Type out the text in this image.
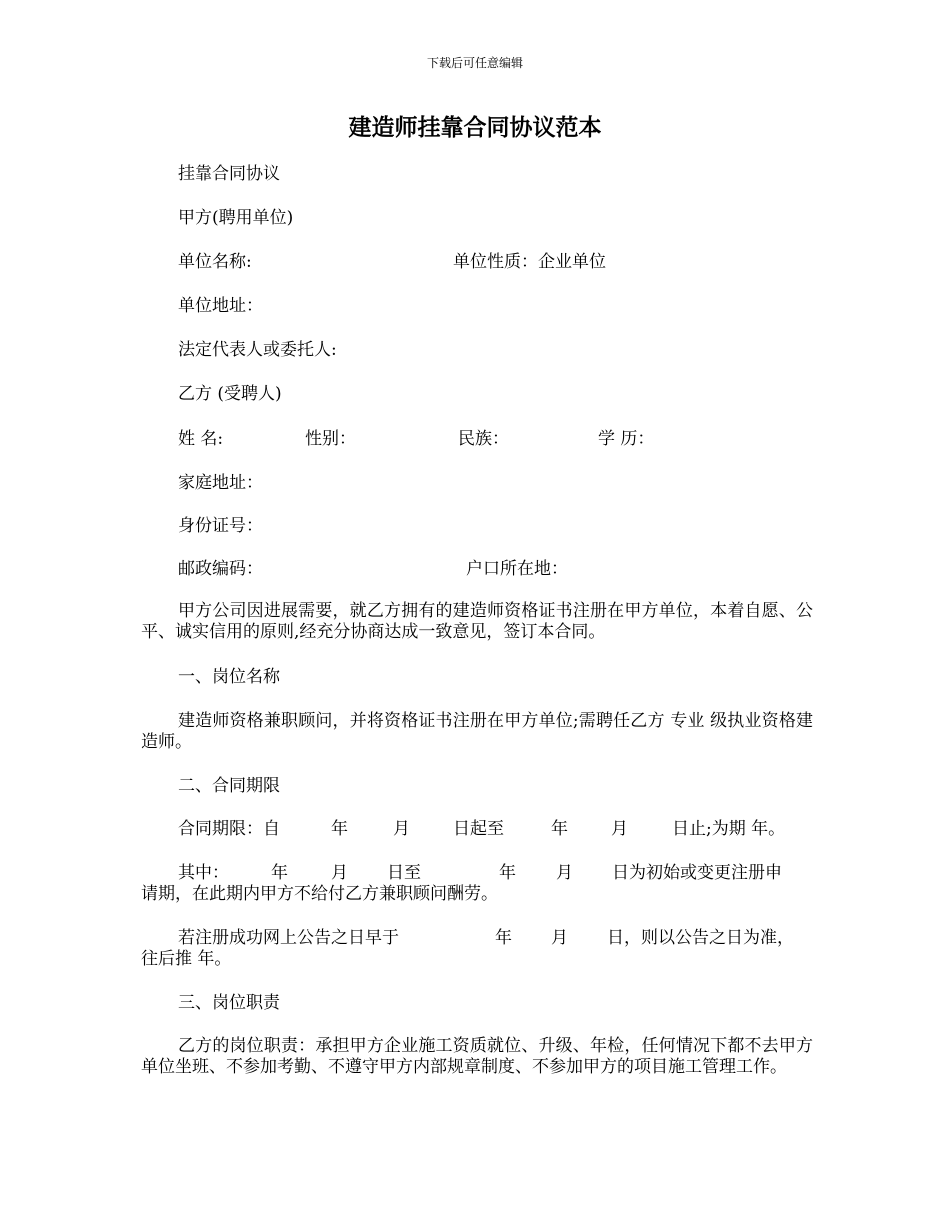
下载后可任意编辑
建造师挂靠合同协议范本
挂靠合同协议
甲方(聘用单位)
单位名称:	单位性质：企业单位
单位地址：
法定代表人或委托人:
乙方 (受聘人)
姓 名:	性别：	民族：	学 历：
家庭地址：
身份证号：
邮政编码：	户口所在地：

甲方公司因进展需要，就乙方拥有的建造师资格证书注册在甲方单位，本着自愿、公平、诚实信用的原则,经充分协商达成一致意见，签订本合同。

一、岗位名称

建造师资格兼职顾问，并将资格证书注册在甲方单位;需聘任乙方 专业 级执业资格建造师。

二、合同期限
合同期限：自	年	月	日起至	年	月	日止;为期 年。
其中： 年	月 日至	年 月 日为初始或变更注册申
请期，在此期内甲方不给付乙方兼职顾问酬劳。
若注册成功网上公告之日早于	年 月 日，则以公告之日为准，
往后推 年。
三、岗位职责

乙方的岗位职责：承担甲方企业施工资质就位、升级、年检，任何情况下都不去甲方单位坐班、不参加考勤、不遵守甲方内部规章制度、不参加甲方的项目施工管理工作。
